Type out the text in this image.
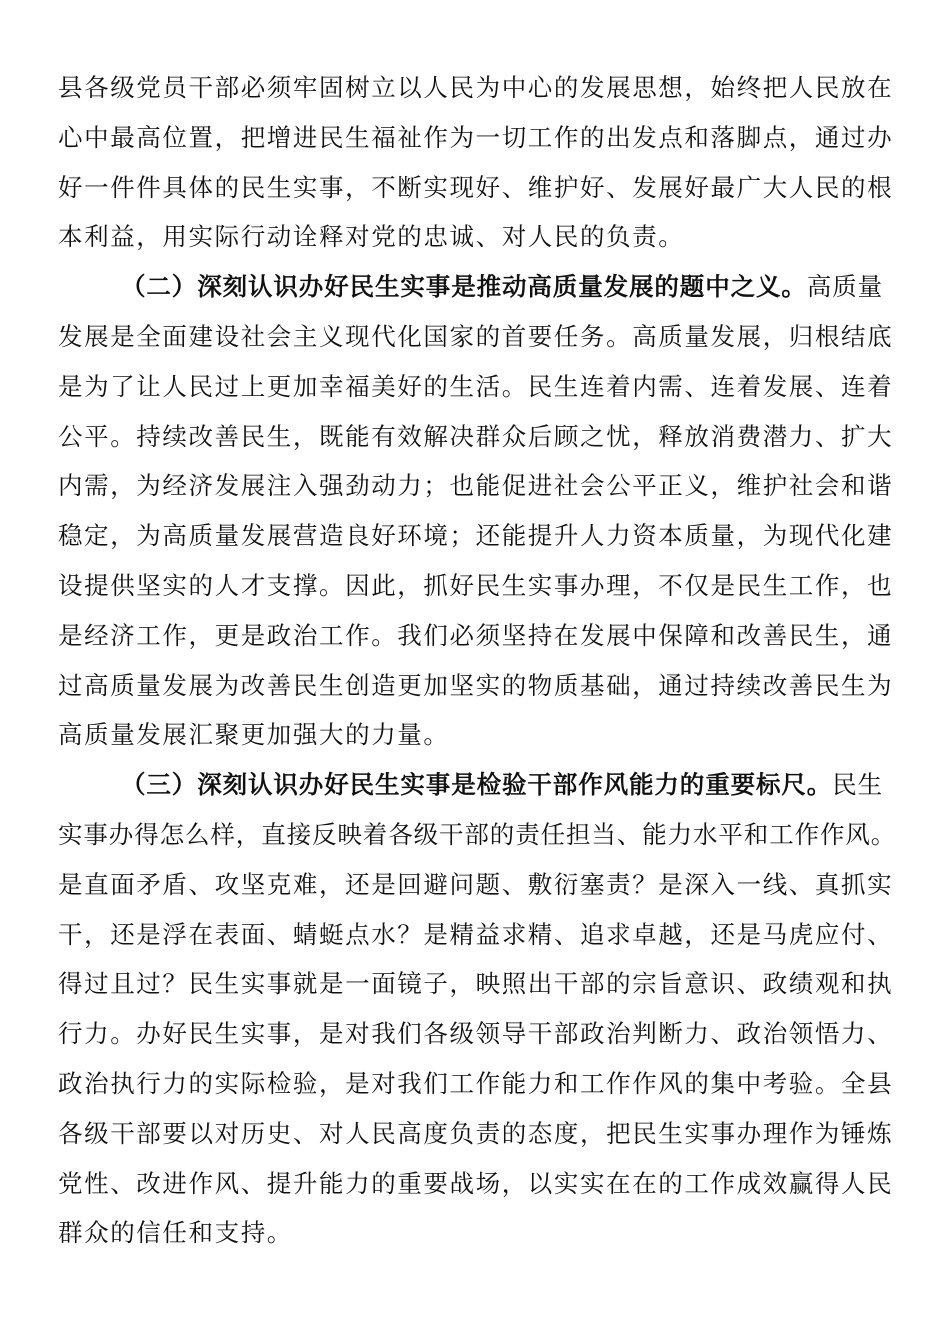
县各级党员干部必须牢固树立以人民为中心的发展思想，始终把人民放在
心中最高位置，把增进民生福祉作为一切工作的出发点和落脚点，通过办
好一件件具体的民生实事，不断实现好、维护好、发展好最广大人民的根
本利益，用实际行动诠释对党的忠诚、对人民的负责。
（二）深刻认识办好民生实事是推动高质量发展的题中之义。高质量
发展是全面建设社会主义现代化国家的首要任务。高质量发展，归根结底
是为了让人民过上更加幸福美好的生活。民生连着内需、连着发展、连着
公平。持续改善民生，既能有效解决群众后顾之忧，释放消费潜力、扩大
内需，为经济发展注入强劲动力；也能促进社会公平正义，维护社会和谐
稳定，为高质量发展营造良好环境；还能提升人力资本质量，为现代化建
设提供坚实的人才支撑。因此，抓好民生实事办理，不仅是民生工作，也
是经济工作，更是政治工作。我们必须坚持在发展中保障和改善民生，通
过高质量发展为改善民生创造更加坚实的物质基础，通过持续改善民生为
高质量发展汇聚更加强大的力量。
（三）深刻认识办好民生实事是检验干部作风能力的重要标尺。民生
实事办得怎么样，直接反映着各级干部的责任担当、能力水平和工作作风。
是直面矛盾、攻坚克难，还是回避问题、敷衍塞责？是深入一线、真抓实
干，还是浮在表面、蜻蜓点水？是精益求精、追求卓越，还是马虎应付、
得过且过？民生实事就是一面镜子，映照出干部的宗旨意识、政绩观和执
行力。办好民生实事，是对我们各级领导干部政治判断力、政治领悟力、
政治执行力的实际检验，是对我们工作能力和工作作风的集中考验。全县
各级干部要以对历史、对人民高度负责的态度，把民生实事办理作为锤炼
党性、改进作风、提升能力的重要战场，以实实在在的工作成效赢得人民
群众的信任和支持。
